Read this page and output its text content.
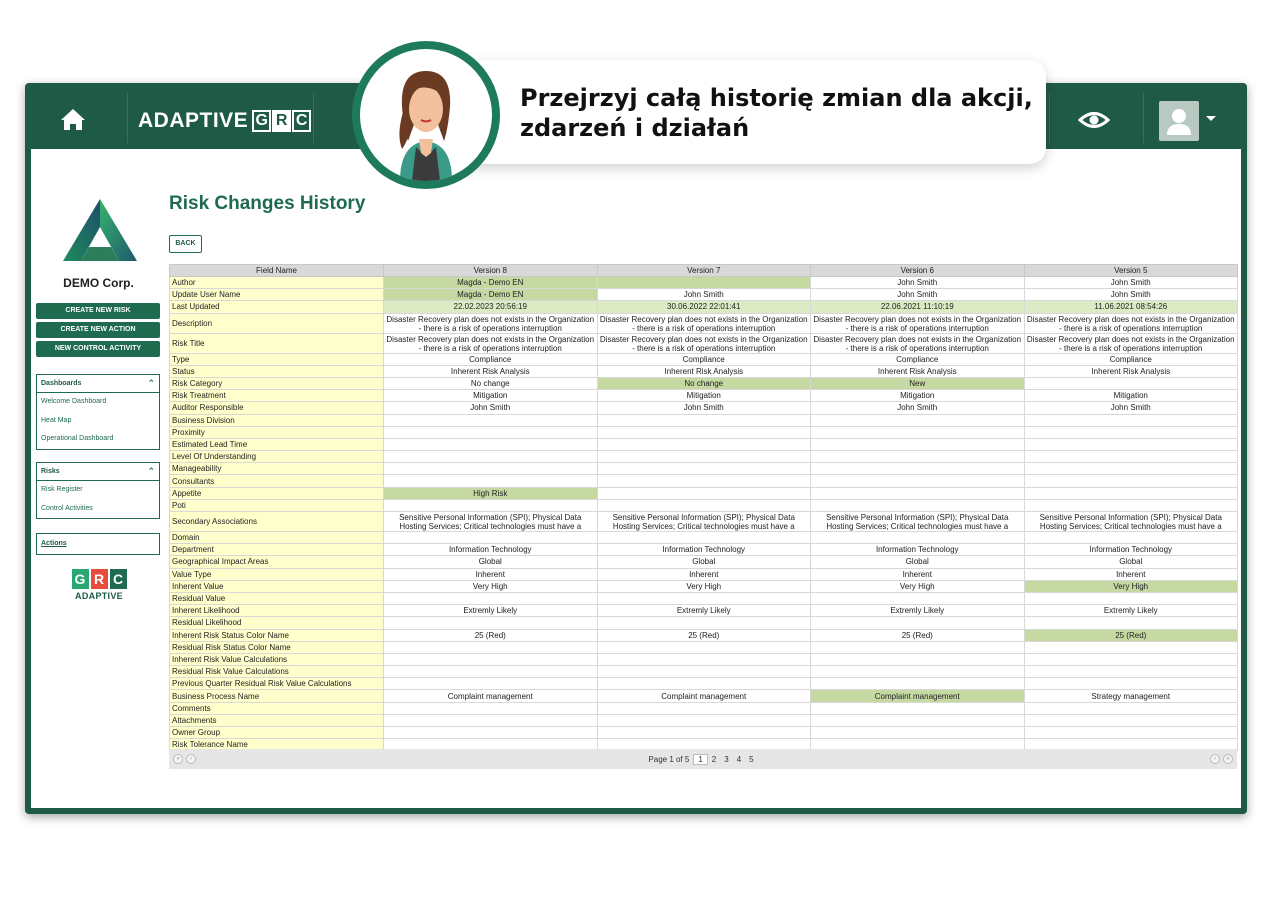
ADAPTIVE G R C
DEMO Corp.
CREATE NEW RISK
CREATE NEW ACTION
NEW CONTROL ACTIVITY
Dashboards	⌃
Welcome Dashboard
Heat Map
Operational Dashboard
Risks	⌃
Risk Register
Control Activities
Actions
G R C
ADAPTIVE
Risk Changes History
BACK
Field Name	Version 8	Version 7	Version 6	Version 5
Author	Magda - Demo EN		John Smith	John Smith
Update User Name	Magda - Demo EN	John Smith	John Smith	John Smith
Last Updated	22.02.2023 20:56:19	30.06.2022 22:01:41	22.06.2021 11:10:19	11.06.2021 08:54:26
Description	Disaster Recovery plan does not exists in the Organization - there is a risk of operations interruption	Disaster Recovery plan does not exists in the Organization - there is a risk of operations interruption	Disaster Recovery plan does not exists in the Organization - there is a risk of operations interruption	Disaster Recovery plan does not exists in the Organization - there is a risk of operations interruption
Risk Title	Disaster Recovery plan does not exists in the Organization - there is a risk of operations interruption	Disaster Recovery plan does not exists in the Organization - there is a risk of operations interruption	Disaster Recovery plan does not exists in the Organization - there is a risk of operations interruption	Disaster Recovery plan does not exists in the Organization - there is a risk of operations interruption
Type	Compliance	Compliance	Compliance	Compliance
Status	Inherent Risk Analysis	Inherent Risk Analysis	Inherent Risk Analysis	Inherent Risk Analysis
Risk Category	No change	No change	New	
Risk Treatment	Mitigation	Mitigation	Mitigation	Mitigation
Auditor Responsible	John Smith	John Smith	John Smith	John Smith
Business Division				
Proximity				
Estimated Lead Time				
Level Of Understanding				
Manageability				
Consultants				
Appetite	High Risk			
Poti				
Secondary Associations	Sensitive Personal Information (SPI); Physical Data Hosting Services; Critical technologies must have a	Sensitive Personal Information (SPI); Physical Data Hosting Services; Critical technologies must have a	Sensitive Personal Information (SPI); Physical Data Hosting Services; Critical technologies must have a	Sensitive Personal Information (SPI); Physical Data Hosting Services; Critical technologies must have a
Domain				
Department	Information Technology	Information Technology	Information Technology	Information Technology
Geographical Impact Areas	Global	Global	Global	Global
Value Type	Inherent	Inherent	Inherent	Inherent
Inherent Value	Very High	Very High	Very High	Very High
Residual Value				
Inherent Likelihood	Extremly Likely	Extremly Likely	Extremly Likely	Extremly Likely
Residual Likelihood				
Inherent Risk Status Color Name	25 (Red)	25 (Red)	25 (Red)	25 (Red)
Residual Risk Status Color Name				
Inherent Risk Value Calculations				
Residual Risk Value Calculations				
Previous Quarter Residual Risk Value Calculations				
Business Process Name	Complaint management	Complaint management	Complaint management	Strategy management
Comments				
Attachments				
Owner Group				
Risk Tolerance Name				
«	‹	Page 1 of 5	1 2 3 4 5	›	»
Przejrzyj całą historię zmian dla akcji,
zdarzeń i działań
